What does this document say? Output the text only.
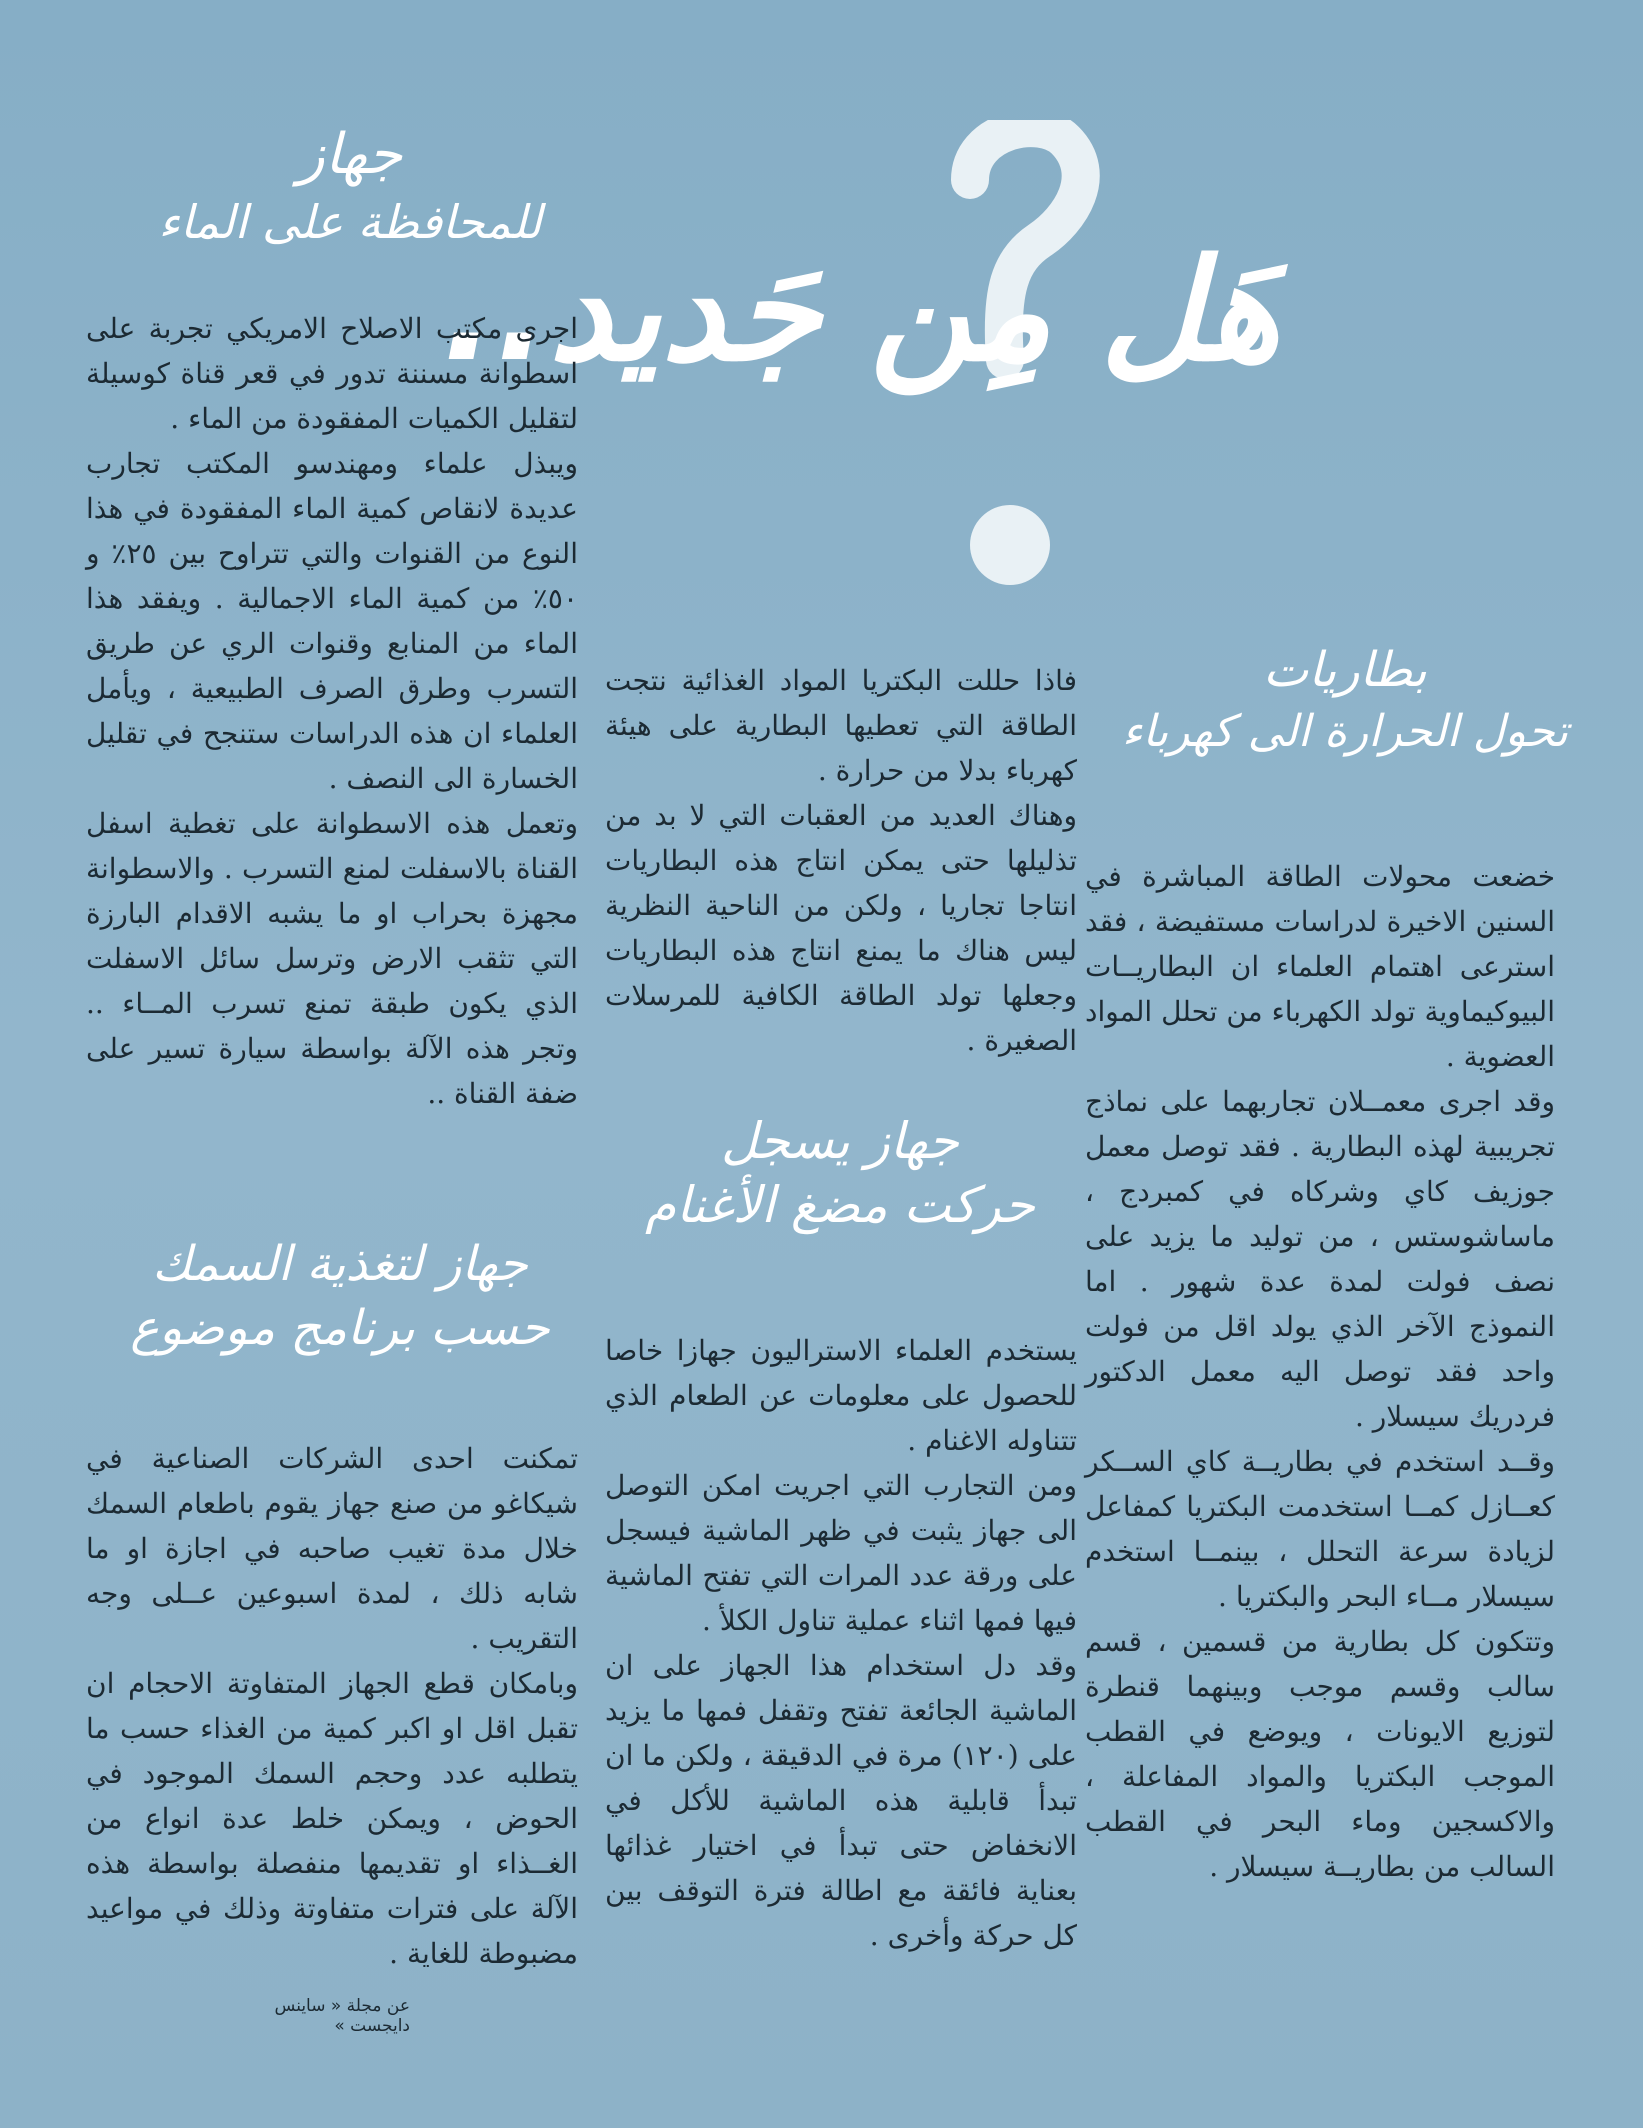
هَل مِن جَديد..
جهاز
للمحافظة على الماء

اجرى مكتب الاصلاح الامريكي تجربة على اسطوانة مسننة تدور في قعر قناة كوسيلة لتقليل الكميات المفقودة من الماء .

ويبذل علماء ومهندسو المكتب تجارب عديدة لانقاص كمية الماء المفقودة في هذا النوع من القنوات والتي تتراوح بين ٢٥٪ و ٥٠٪ من كمية الماء الاجمالية . ويفقد هذا الماء من المنابع وقنوات الري عن طريق التسرب وطرق الصرف الطبيعية ، ويأمل العلماء ان هذه الدراسات ستنجح في تقليل الخسارة الى النصف .

وتعمل هذه الاسطوانة على تغطية اسفل القناة بالاسفلت لمنع التسرب . والاسطوانة مجهزة بحراب او ما يشبه الاقدام البارزة التي تثقب الارض وترسل سائل الاسفلت الذي يكون طبقة تمنع تسرب المــاء .. وتجر هذه الآلة بواسطة سيارة تسير على ضفة القناة ..

جهاز لتغذية السمك
حسب برنامج موضوع

تمكنت احدى الشركات الصناعية في شيكاغو من صنع جهاز يقوم باطعام السمك خلال مدة تغيب صاحبه في اجازة او ما شابه ذلك ، لمدة اسبوعين عــلى وجه التقريب .

وبامكان قطع الجهاز المتفاوتة الاحجام ان تقبل اقل او اكبر كمية من الغذاء حسب ما يتطلبه عدد وحجم السمك الموجود في الحوض ، ويمكن خلط عدة انواع من الغــذاء او تقديمها منفصلة بواسطة هذه الآلة على فترات متفاوتة وذلك في مواعيد مضبوطة للغاية .

عن مجلة « ساينس دايجست »

فاذا حللت البكتريا المواد الغذائية نتجت الطاقة التي تعطيها البطارية على هيئة كهرباء بدلا من حرارة .

وهناك العديد من العقبات التي لا بد من تذليلها حتى يمكن انتاج هذه البطاريات انتاجا تجاريا ، ولكن من الناحية النظرية ليس هناك ما يمنع انتاج هذه البطاريات وجعلها تولد الطاقة الكافية للمرسلات الصغيرة .

جهاز يسجل
حركت مضغ الأغنام

يستخدم العلماء الاستراليون جهازا خاصا للحصول على معلومات عن الطعام الذي تتناوله الاغنام .

ومن التجارب التي اجريت امكن التوصل الى جهاز يثبت في ظهر الماشية فيسجل على ورقة عدد المرات التي تفتح الماشية فيها فمها اثناء عملية تناول الكلأ .

وقد دل استخدام هذا الجهاز على ان الماشية الجائعة تفتح وتقفل فمها ما يزيد على (١٢٠) مرة في الدقيقة ، ولكن ما ان تبدأ قابلية هذه الماشية للأكل في الانخفاض حتى تبدأ في اختيار غذائها بعناية فائقة مع اطالة فترة التوقف بين كل حركة وأخرى .

بطاريات
تحول الحرارة الى كهرباء

خضعت محولات الطاقة المباشرة في السنين الاخيرة لدراسات مستفيضة ، فقد استرعى اهتمام العلماء ان البطاريــات البيوكيماوية تولد الكهرباء من تحلل المواد العضوية .

وقد اجرى معمــلان تجاربهما على نماذج تجريبية لهذه البطارية . فقد توصل معمل جوزيف كاي وشركاه في كمبردج ، ماساشوستس ، من توليد ما يزيد على نصف فولت لمدة عدة شهور . اما النموذج الآخر الذي يولد اقل من فولت واحد فقد توصل اليه معمل الدكتور فردريك سيسلار .

وقــد استخدم في بطاريــة كاي الســكر كعــازل كمــا استخدمت البكتريا كمفاعل لزيادة سرعة التحلل ، بينمــا استخدم سيسلار مــاء البحر والبكتريا .

وتتكون كل بطارية من قسمين ، قسم سالب وقسم موجب وبينهما قنطرة لتوزيع الايونات ، ويوضع في القطب الموجب البكتريا والمواد المفاعلة ، والاكسجين وماء البحر في القطب السالب من بطاريــة سيسلار .
